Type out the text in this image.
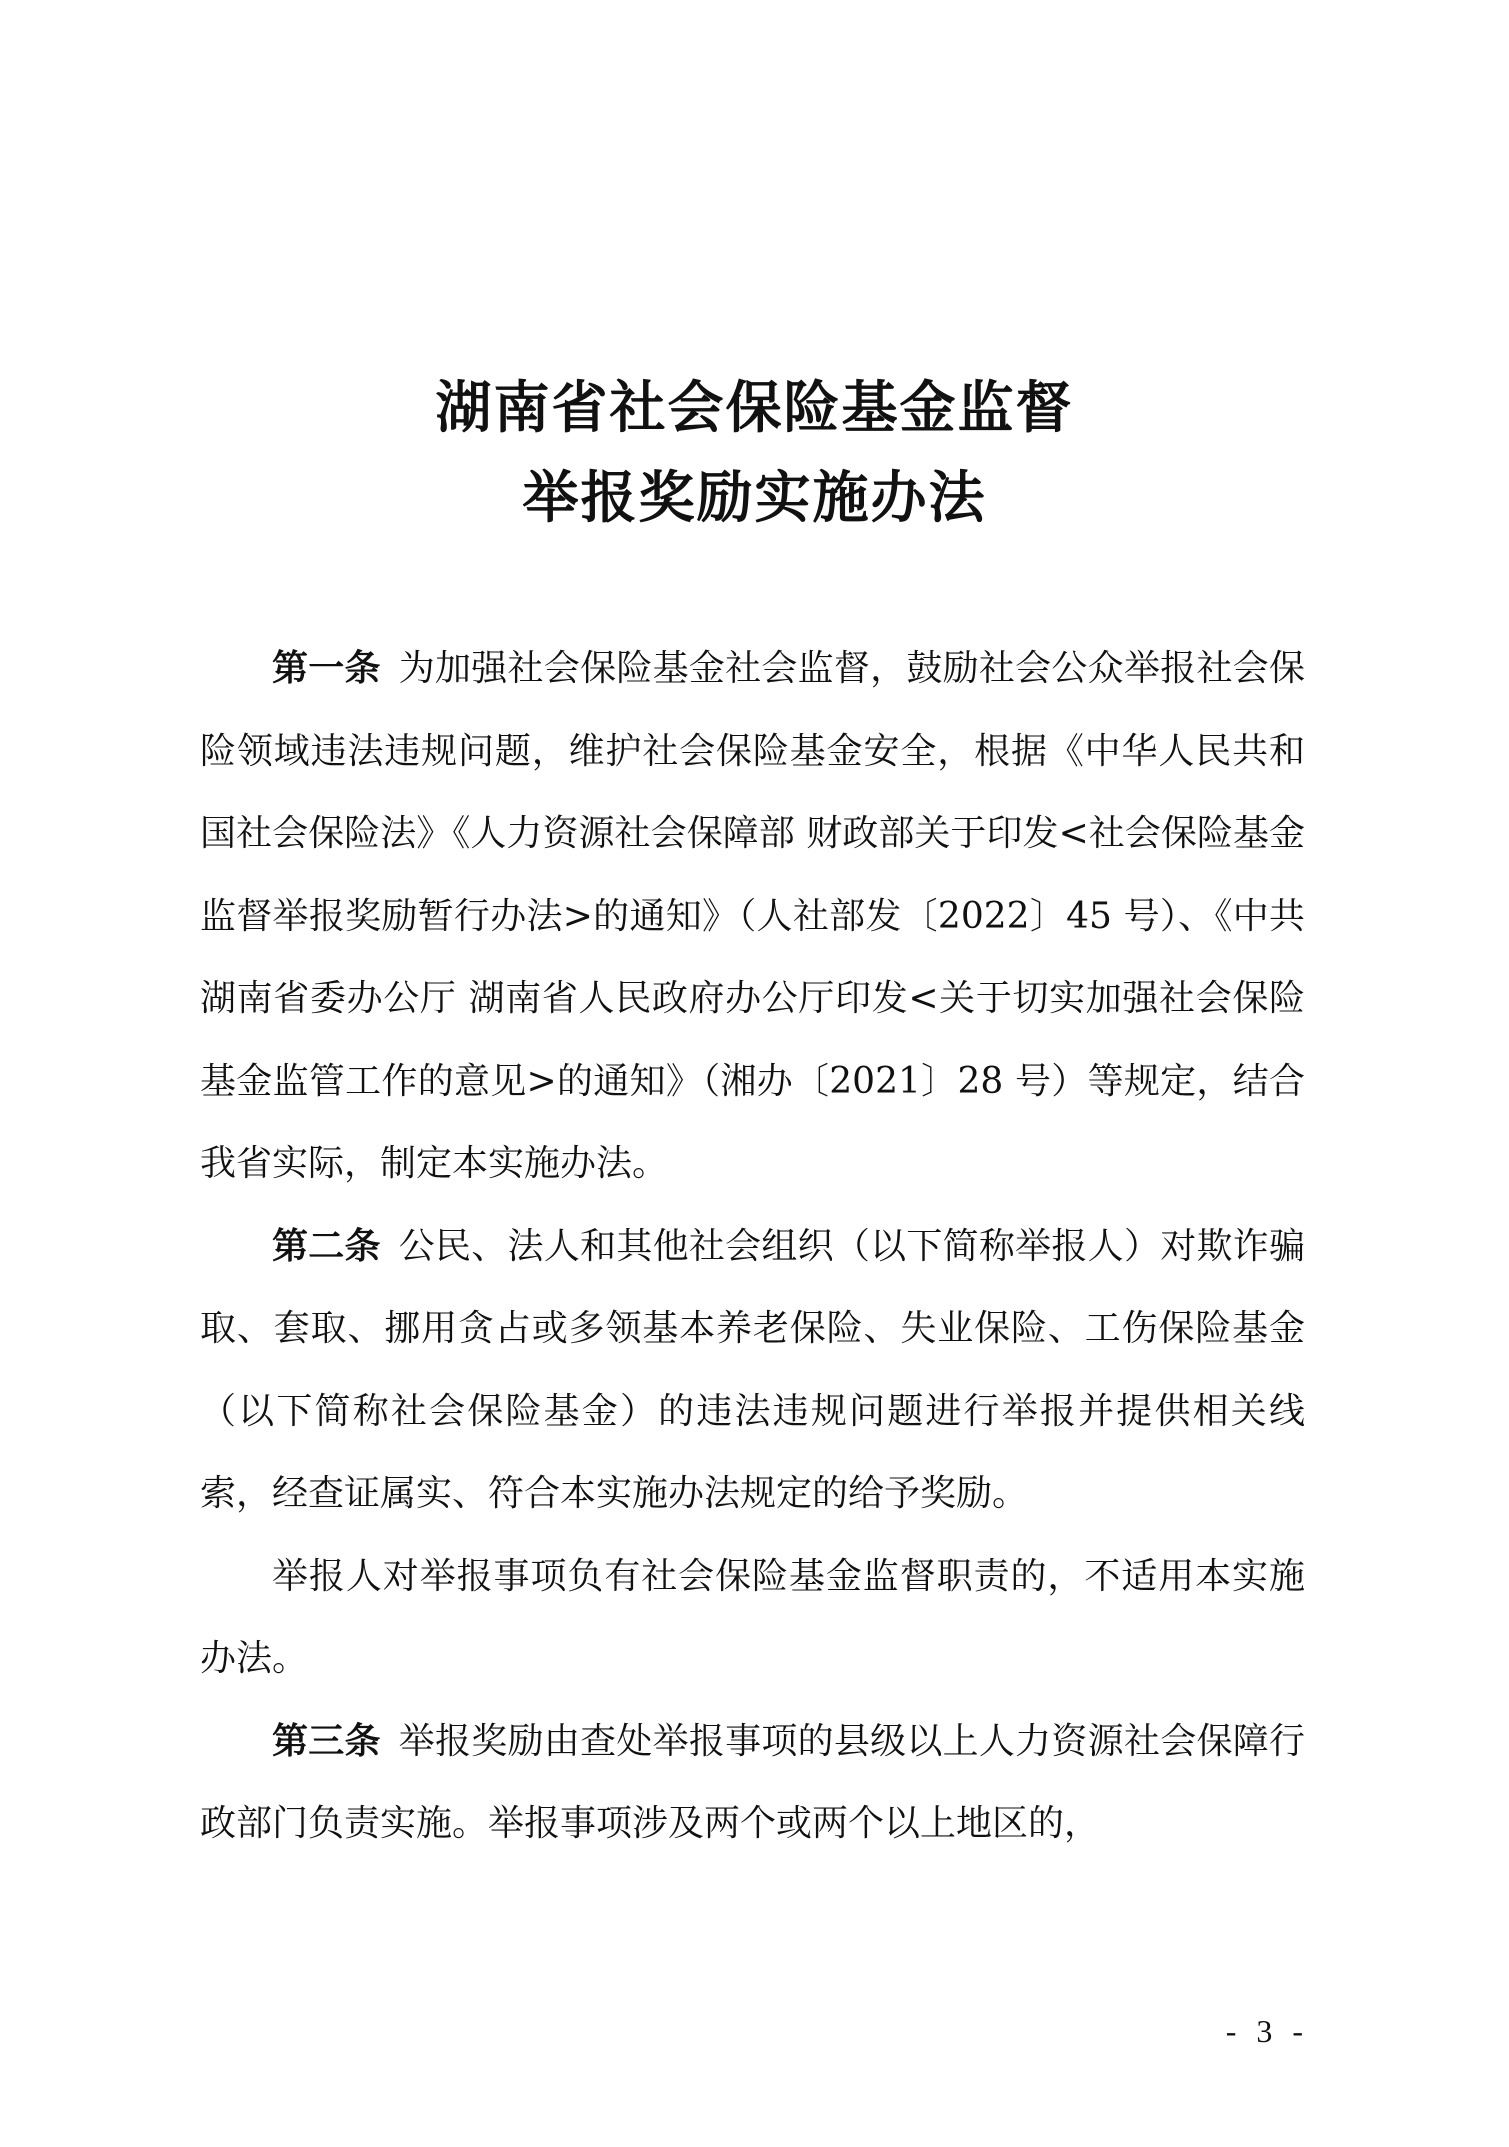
湖南省社会保险基金监督
举报奖励实施办法

第一条 为加强社会保险基金社会监督，鼓励社会公众举报社会保险领域违法违规问题，维护社会保险基金安全，根据《中华人民共和国社会保险法》《人力资源社会保障部 财政部关于印发<社会保险基金监督举报奖励暂行办法>的通知》（人社部发〔2022〕45 号）、《中共湖南省委办公厅 湖南省人民政府办公厅印发<关于切实加强社会保险基金监管工作的意见>的通知》（湘办〔2021〕28 号）等规定，结合我省实际，制定本实施办法。

第二条 公民、法人和其他社会组织（以下简称举报人）对欺诈骗取、套取、挪用贪占或多领基本养老保险、失业保险、工伤保险基金（以下简称社会保险基金）的违法违规问题进行举报并提供相关线索，经查证属实、符合本实施办法规定的给予奖励。

举报人对举报事项负有社会保险基金监督职责的，不适用本实施办法。

第三条 举报奖励由查处举报事项的县级以上人力资源社会保障行政部门负责实施。举报事项涉及两个或两个以上地区的，

- 3 -
